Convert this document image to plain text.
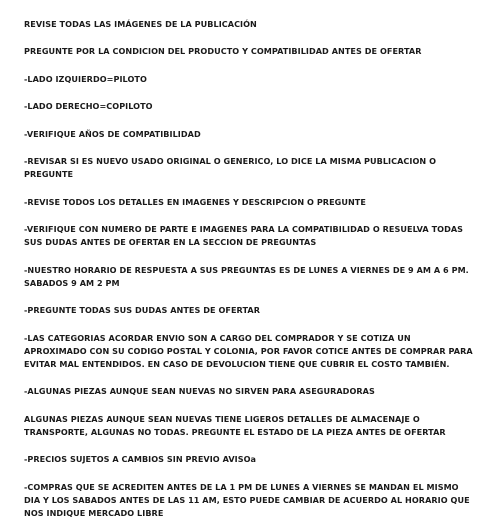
REVISE TODAS LAS IMÁGENES DE LA PUBLICACIÓN

PREGUNTE POR LA CONDICION DEL PRODUCTO Y COMPATIBILIDAD ANTES DE OFERTAR

-LADO IZQUIERDO=PILOTO

-LADO DERECHO=COPILOTO

-VERIFIQUE AÑOS DE COMPATIBILIDAD

-REVISAR SI ES NUEVO USADO ORIGINAL O GENERICO, LO DICE LA MISMA PUBLICACION O PREGUNTE

-REVISE TODOS LOS DETALLES EN IMAGENES Y DESCRIPCION O PREGUNTE

-VERIFIQUE CON NUMERO DE PARTE E IMAGENES PARA LA COMPATIBILIDAD O RESUELVA TODAS SUS DUDAS ANTES DE OFERTAR EN LA SECCION DE PREGUNTAS

-NUESTRO HORARIO DE RESPUESTA A SUS PREGUNTAS ES DE LUNES A VIERNES DE 9 AM A 6 PM. SABADOS 9 AM 2 PM

-PREGUNTE TODAS SUS DUDAS ANTES DE OFERTAR

-LAS CATEGORIAS ACORDAR ENVIO SON A CARGO DEL COMPRADOR Y SE COTIZA UN APROXIMADO CON SU CODIGO POSTAL Y COLONIA, POR FAVOR COTICE ANTES DE COMPRAR PARA EVITAR MAL ENTENDIDOS. EN CASO DE DEVOLUCION TIENE QUE CUBRIR EL COSTO TAMBIÉN.

-ALGUNAS PIEZAS AUNQUE SEAN NUEVAS NO SIRVEN PARA ASEGURADORAS

ALGUNAS PIEZAS AUNQUE SEAN NUEVAS TIENE LIGEROS DETALLES DE ALMACENAJE O TRANSPORTE, ALGUNAS NO TODAS. PREGUNTE EL ESTADO DE LA PIEZA ANTES DE OFERTAR

-PRECIOS SUJETOS A CAMBIOS SIN PREVIO AVISOa

-COMPRAS QUE SE ACREDITEN ANTES DE LA 1 PM DE LUNES A VIERNES SE MANDAN EL MISMO DIA Y LOS SABADOS ANTES DE LAS 11 AM, ESTO PUEDE CAMBIAR DE ACUERDO AL HORARIO QUE NOS INDIQUE MERCADO LIBRE
